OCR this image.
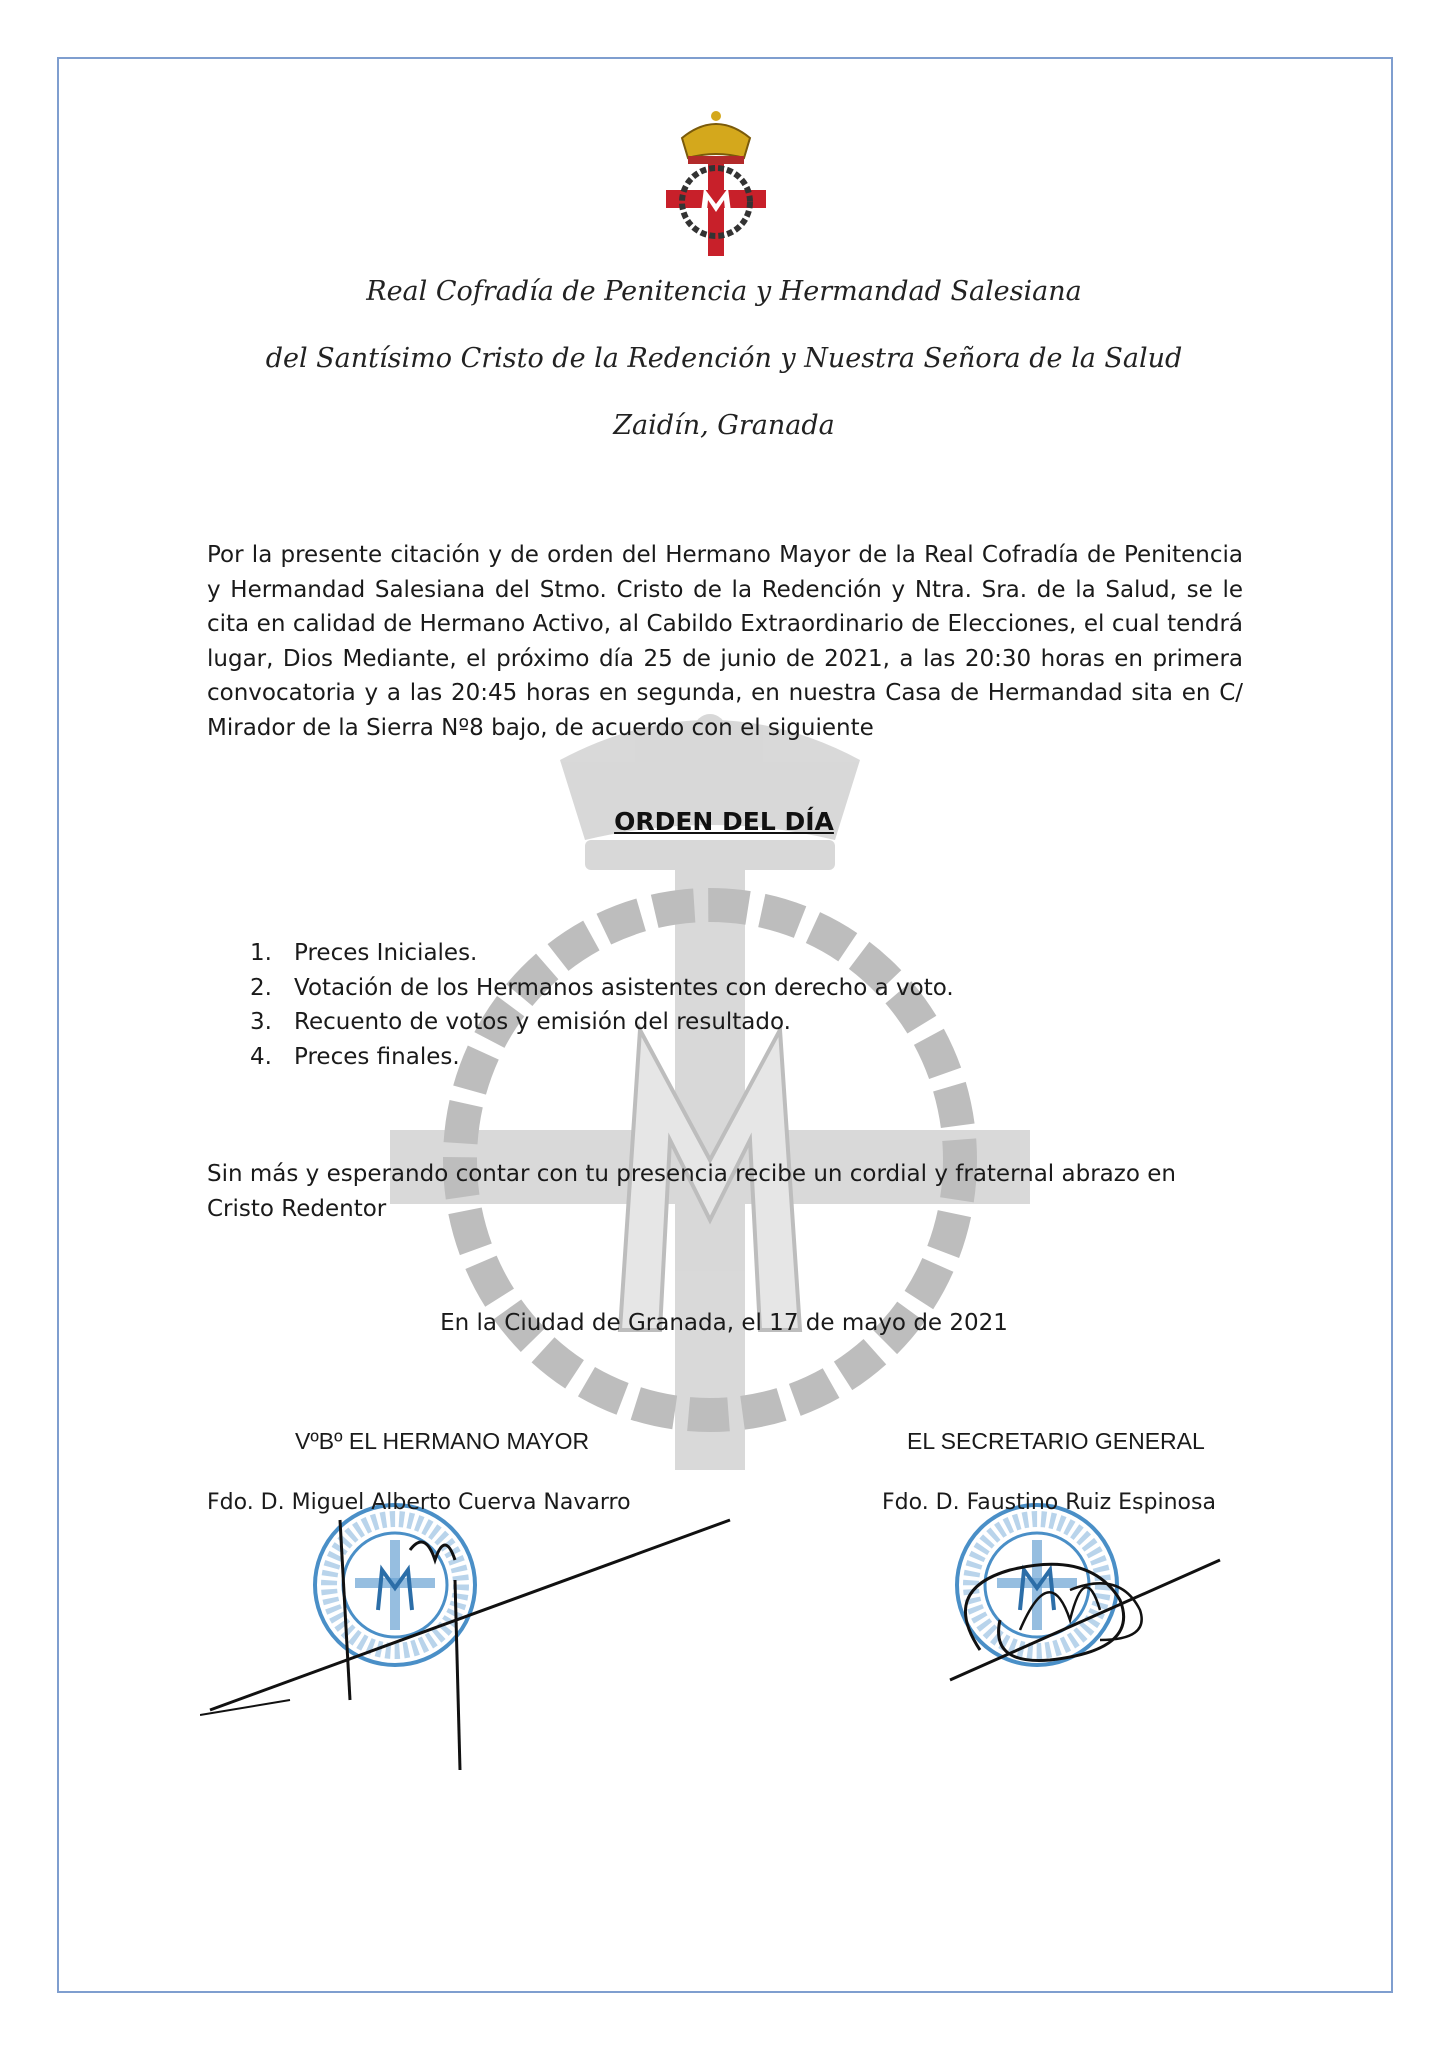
Real Cofradía de Penitencia y Hermandad Salesiana
del Santísimo Cristo de la Redención y Nuestra Señora de la Salud
Zaidín, Granada
Por la presente citación y de orden del Hermano Mayor de la Real Cofradía de Penitencia y Hermandad Salesiana del Stmo. Cristo de la Redención y Ntra. Sra. de la Salud, se le cita en calidad de Hermano Activo, al Cabildo Extraordinario de Elecciones, el cual tendrá lugar, Dios Mediante, el próximo día 25 de junio de 2021, a las 20:30 horas en primera convocatoria y a las 20:45 horas en segunda, en nuestra Casa de Hermandad sita en C/ Mirador de la Sierra Nº8 bajo, de acuerdo con el siguiente
ORDEN DEL DÍA
1. Preces Iniciales.
2. Votación de los Hermanos asistentes con derecho a voto.
3. Recuento de votos y emisión del resultado.
4. Preces finales.
Sin más y esperando contar con tu presencia recibe un cordial y fraternal abrazo en Cristo Redentor
En la Ciudad de Granada, el 17 de mayo de 2021
VºBº EL HERMANO MAYOR	EL SECRETARIO GENERAL
Fdo. D. Miguel Alberto Cuerva Navarro	Fdo. D. Faustino Ruiz Espinosa
